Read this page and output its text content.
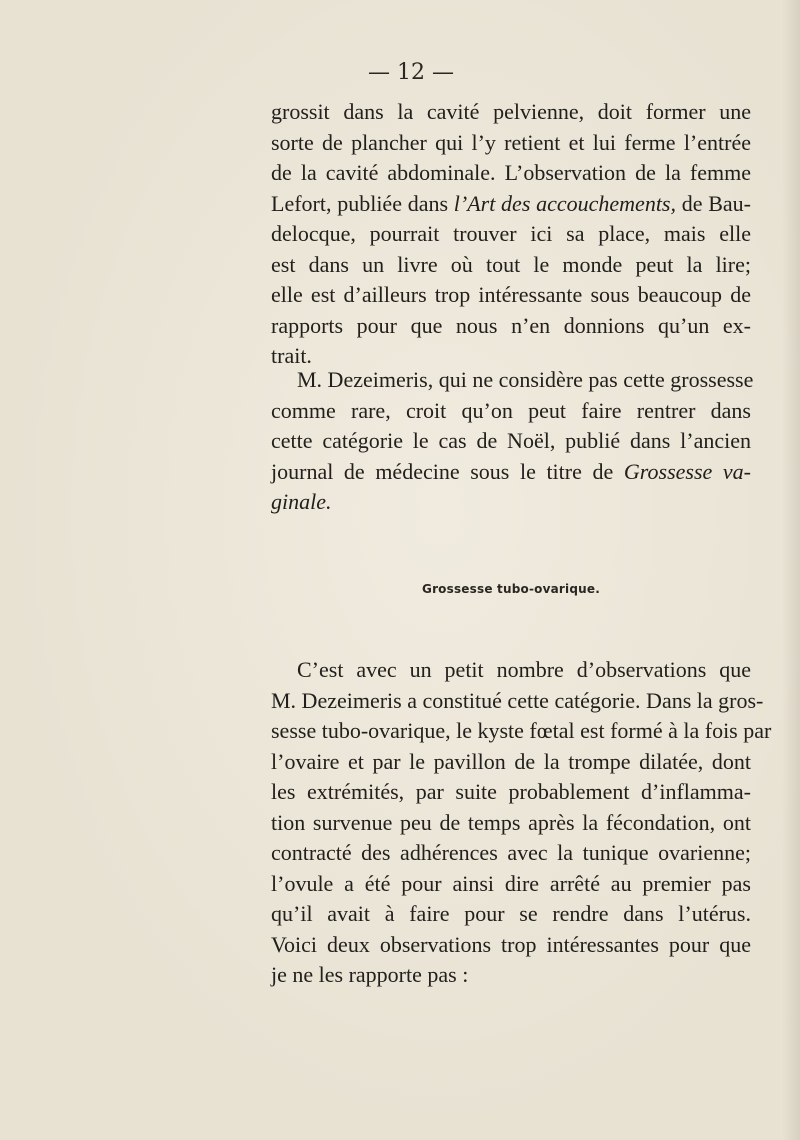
— 12 —
grossit dans la cavité pelvienne, doit former une
sorte de plancher qui l’y retient et lui ferme l’entrée
de la cavité abdominale. L’observation de la femme
Lefort, publiée dans l’Art des accouchements, de Bau-
delocque, pourrait trouver ici sa place, mais elle
est dans un livre où tout le monde peut la lire;
elle est d’ailleurs trop intéressante sous beaucoup de
rapports pour que nous n’en donnions qu’un ex-
trait.
M. Dezeimeris, qui ne considère pas cette grossesse
comme rare, croit qu’on peut faire rentrer dans
cette catégorie le cas de Noël, publié dans l’ancien
journal de médecine sous le titre de Grossesse va-
ginale.
Grossesse tubo-ovarique.
C’est avec un petit nombre d’observations que
M. Dezeimeris a constitué cette catégorie. Dans la gros-
sesse tubo-ovarique, le kyste fœtal est formé à la fois par
l’ovaire et par le pavillon de la trompe dilatée, dont
les extrémités, par suite probablement d’inflamma-
tion survenue peu de temps après la fécondation, ont
contracté des adhérences avec la tunique ovarienne;
l’ovule a été pour ainsi dire arrêté au premier pas
qu’il avait à faire pour se rendre dans l’utérus.
Voici deux observations trop intéressantes pour que
je ne les rapporte pas :
